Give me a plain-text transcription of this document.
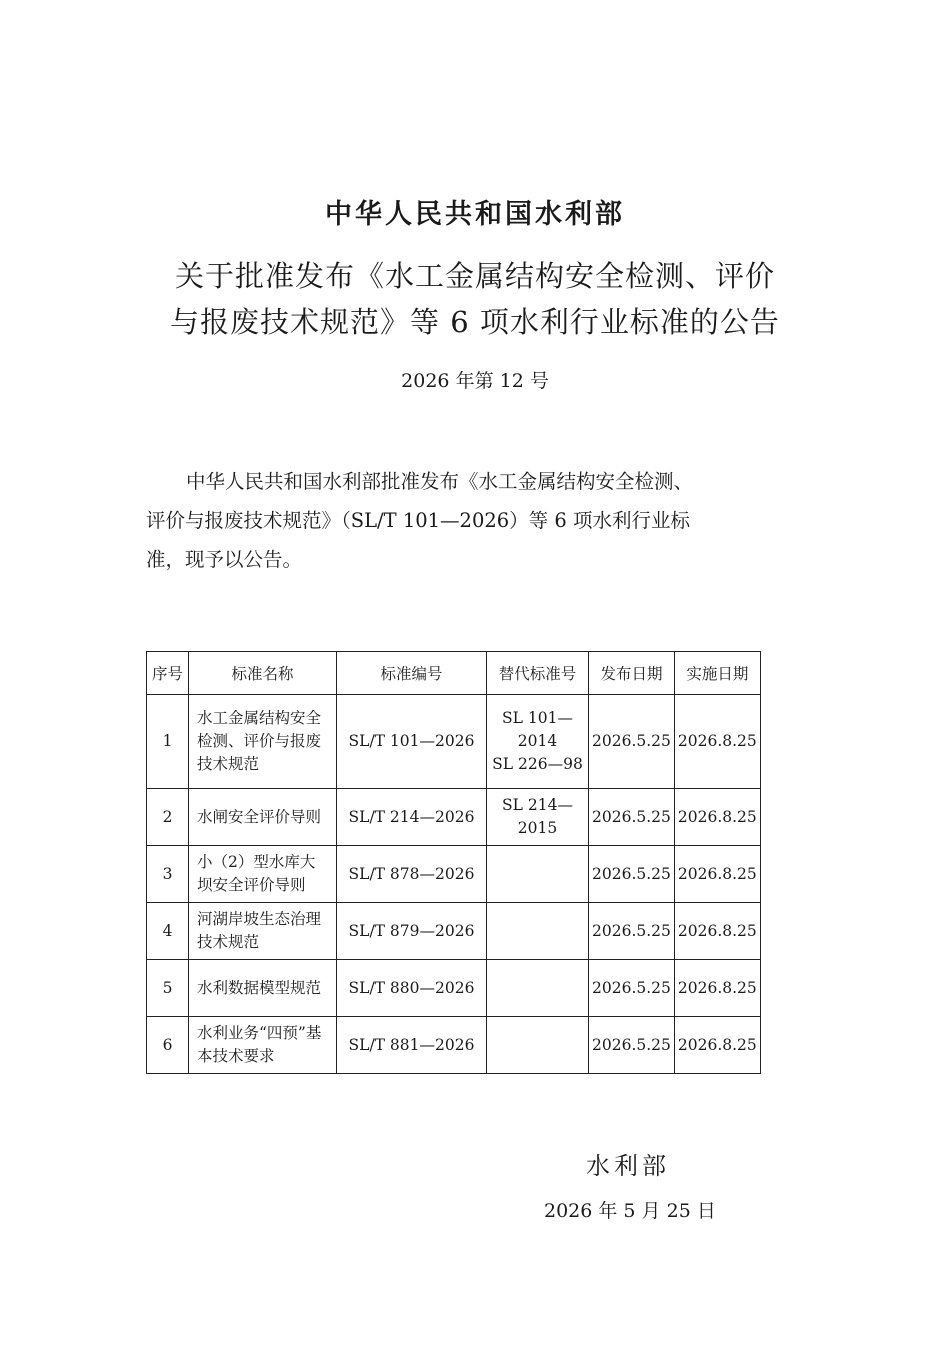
中华人民共和国水利部
关于批准发布《水工金属结构安全检测、评价
与报废技术规范》等 6 项水利行业标准的公告
2026 年第 12 号
中华人民共和国水利部批准发布《水工金属结构安全检测、
评价与报废技术规范》（SL/T 101—2026）等 6 项水利行业标
准，现予以公告。
序号	标准名称	标准编号	替代标准号	发布日期	实施日期
1	水工金属结构安全检测、评价与报废技术规范	SL/T 101—2026	SL 101—2014
SL 226—98	2026.5.25	2026.8.25
2	水闸安全评价导则	SL/T 214—2026	SL 214—2015	2026.5.25	2026.8.25
3	小（2）型水库大坝安全评价导则	SL/T 878—2026		2026.5.25	2026.8.25
4	河湖岸坡生态治理技术规范	SL/T 879—2026		2026.5.25	2026.8.25
5	水利数据模型规范	SL/T 880—2026		2026.5.25	2026.8.25
6	水利业务“四预”基本技术要求	SL/T 881—2026		2026.5.25	2026.8.25
水利部
2026 年 5 月 25 日
